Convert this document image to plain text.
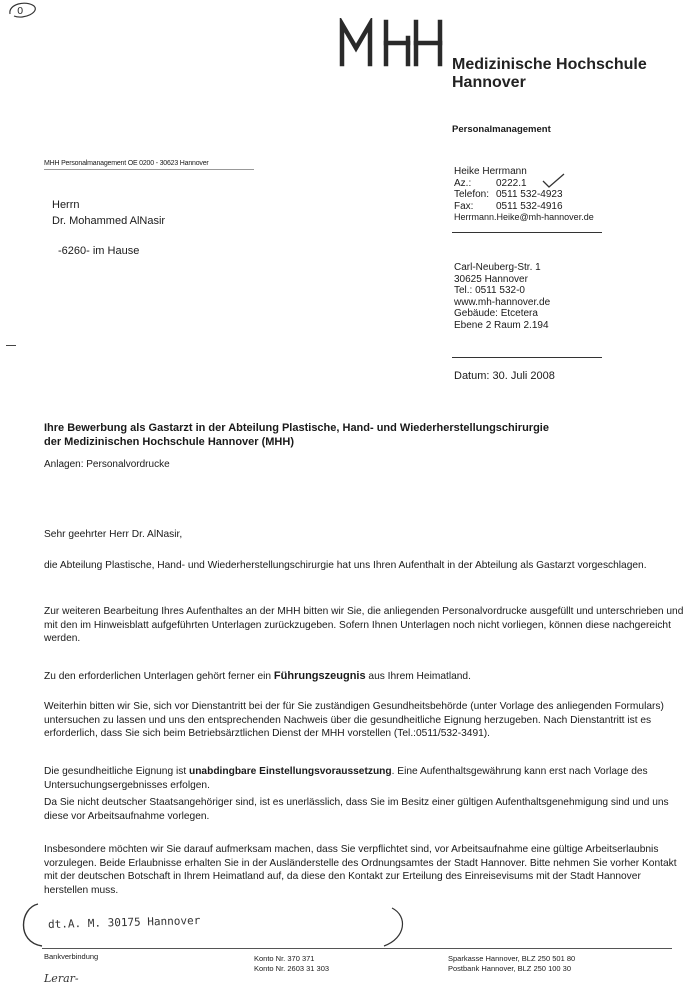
0
Medizinische Hochschule
Hannover
Personalmanagement
MHH Personalmanagement OE 0200 - 30623 Hannover
Herrn
Dr. Mohammed AlNasir
-6260- im Hause
Heike Herrmann
Az.:	0222.1
Telefon: 0511 532-4923
Fax:	0511 532-4916
Herrmann.Heike@mh-hannover.de
Carl-Neuberg-Str. 1
30625 Hannover
Tel.: 0511 532-0
www.mh-hannover.de
Gebäude: Etcetera
Ebene 2 Raum 2.194
Datum: 30. Juli 2008
Ihre Bewerbung als Gastarzt in der Abteilung Plastische, Hand- und Wiederherstellungschirurgie
der Medizinischen Hochschule Hannover (MHH)
Anlagen: Personalvordrucke
Sehr geehrter Herr Dr. AlNasir,

die Abteilung Plastische, Hand- und Wiederherstellungschirurgie hat uns Ihren Aufenthalt in der Abteilung als Gastarzt vorgeschlagen.

Zur weiteren Bearbeitung Ihres Aufenthaltes an der MHH bitten wir Sie, die anliegenden Personalvordrucke ausgefüllt und unterschrieben und mit den im Hinweisblatt aufgeführten Unterlagen zurückzugeben. Sofern Ihnen Unterlagen noch nicht vorliegen, können diese nachgereicht werden.

Zu den erforderlichen Unterlagen gehört ferner ein Führungszeugnis aus Ihrem Heimatland.

Weiterhin bitten wir Sie, sich vor Dienstantritt bei der für Sie zuständigen Gesundheitsbehörde (unter Vorlage des anliegenden Formulars) untersuchen zu lassen und uns den entsprechenden Nachweis über die gesundheitliche Eignung herzugeben. Nach Dienstantritt ist es erforderlich, dass Sie sich beim Betriebsärztlichen Dienst der MHH vorstellen (Tel.:0511/532-3491).

Die gesundheitliche Eignung ist unabdingbare Einstellungsvoraussetzung. Eine Aufenthaltsgewährung kann erst nach Vorlage des Untersuchungsergebnisses erfolgen.

Da Sie nicht deutscher Staatsangehöriger sind, ist es unerlässlich, dass Sie im Besitz einer gültigen Aufenthaltsgenehmigung sind und uns diese vor Arbeitsaufnahme vorlegen.

Insbesondere möchten wir Sie darauf aufmerksam machen, dass Sie verpflichtet sind, vor Arbeitsaufnahme eine gültige Arbeitserlaubnis vorzulegen. Beide Erlaubnisse erhalten Sie in der Ausländerstelle des Ordnungsamtes der Stadt Hannover. Bitte nehmen Sie vorher Kontakt mit der deutschen Botschaft in Ihrem Heimatland auf, da diese den Kontakt zur Erteilung des Einreisevisums mit der Stadt Hannover herstellen muss.

dt.A. M. 30175 Hannover
Bankverbindung	Konto Nr. 370 371
Konto Nr. 2603 31 303
Sparkasse Hannover, BLZ 250 501 80
Postbank Hannover, BLZ 250 100 30
Lerar-
